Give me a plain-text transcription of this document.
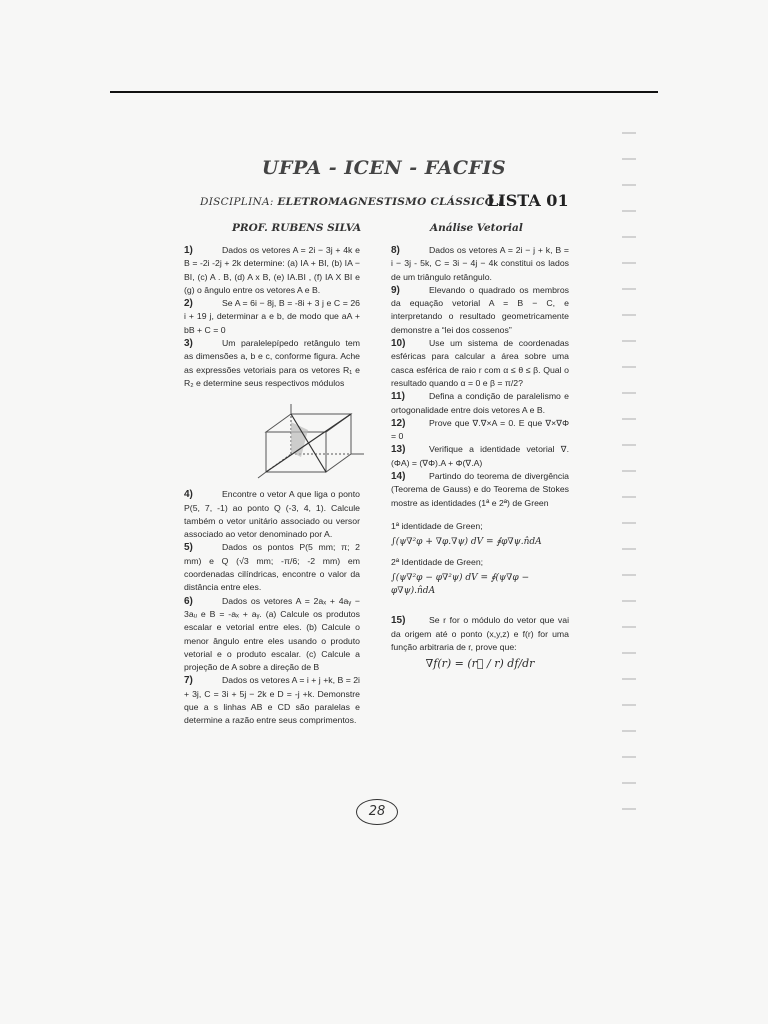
UFPA - ICEN - FACFIS
DISCIPLINA: ELETROMAGNESTISMO CLÁSSICO I
LISTA 01
PROF. RUBENS SILVA	Análise Vetorial

1)	Dados os vetores A = 2i − 3j + 4k e B = -2i -2j + 2k determine: (a) IA + BI, (b) IA − BI, (c) A . B, (d) A x B, (e) IA.BI , (f) IA X BI e (g) o ângulo entre os vetores A e B.

2)	Se A = 6i − 8j, B = -8i + 3 j e C = 26 i + 19 j, determinar a e b, de modo que aA + bB + C = 0

3)	Um paralelepípedo retângulo tem as dimensões a, b e c, conforme figura. Ache as expressões vetoriais para os vetores R₁ e R₂ e determine seus respectivos módulos

4)	Encontre o vetor A que liga o ponto P(5, 7, -1) ao ponto Q (-3, 4, 1). Calcule também o vetor unitário associado ou versor associado ao vetor denominado por A.

5)	Dados os pontos P(5 mm; π; 2 mm) e Q (√3 mm; -π/6; -2 mm) em coordenadas cilíndricas, encontre o valor da distância entre eles.

6)	Dados os vetores A = 2aₓ + 4aᵧ − 3aᵤ e B = -aₓ + aᵧ. (a) Calcule os produtos escalar e vetorial entre eles. (b) Calcule o menor ângulo entre eles usando o produto vetorial e o produto escalar. (c) Calcule a projeção de A sobre a direção de B

7)	Dados os vetores A = i + j +k, B = 2i + 3j, C = 3i + 5j − 2k e D = -j +k. Demonstre que a s linhas AB e CD são paralelas e determine a razão entre seus comprimentos.

8)	Dados os vetores A = 2i − j + k, B = i − 3j - 5k, C = 3i − 4j − 4k constitui os lados de um triângulo retângulo.

9)	Elevando o quadrado os membros da equação vetorial A = B − C, e interpretando o resultado geometricamente demonstre a “lei dos cossenos”

10)	Use um sistema de coordenadas esféricas para calcular a área sobre uma casca esférica de raio r com α ≤ θ ≤ β. Qual o resultado quando α = 0 e β = π/2?

11)	Defina a condição de paralelismo e ortogonalidade entre dois vetores A e B.

12)	Prove que ∇.∇×A = 0. E que ∇×∇Φ = 0

13)	Verifique a identidade vetorial ∇.(ΦA) = (∇Φ).A + Φ(∇.A)

14)	Partindo do teorema de divergência (Teorema de Gauss) e do Teorema de Stokes mostre as identidades (1ª e 2ª) de Green

1ª identidade de Green;

∫(ψ∇²φ + ∇φ.∇ψ) dV = ∮φ∇ψ.n̂dA

2ª Identidade de Green;

∫(ψ∇²φ − φ∇²ψ) dV = ∮(ψ∇φ − φ∇ψ).n̂dA

15)	Se r for o módulo do vetor que vai da origem até o ponto (x,y,z) e f(r) for uma função arbitraria de r, prove que:

∇f(r) = (r⃗ / r) df/dr
28
